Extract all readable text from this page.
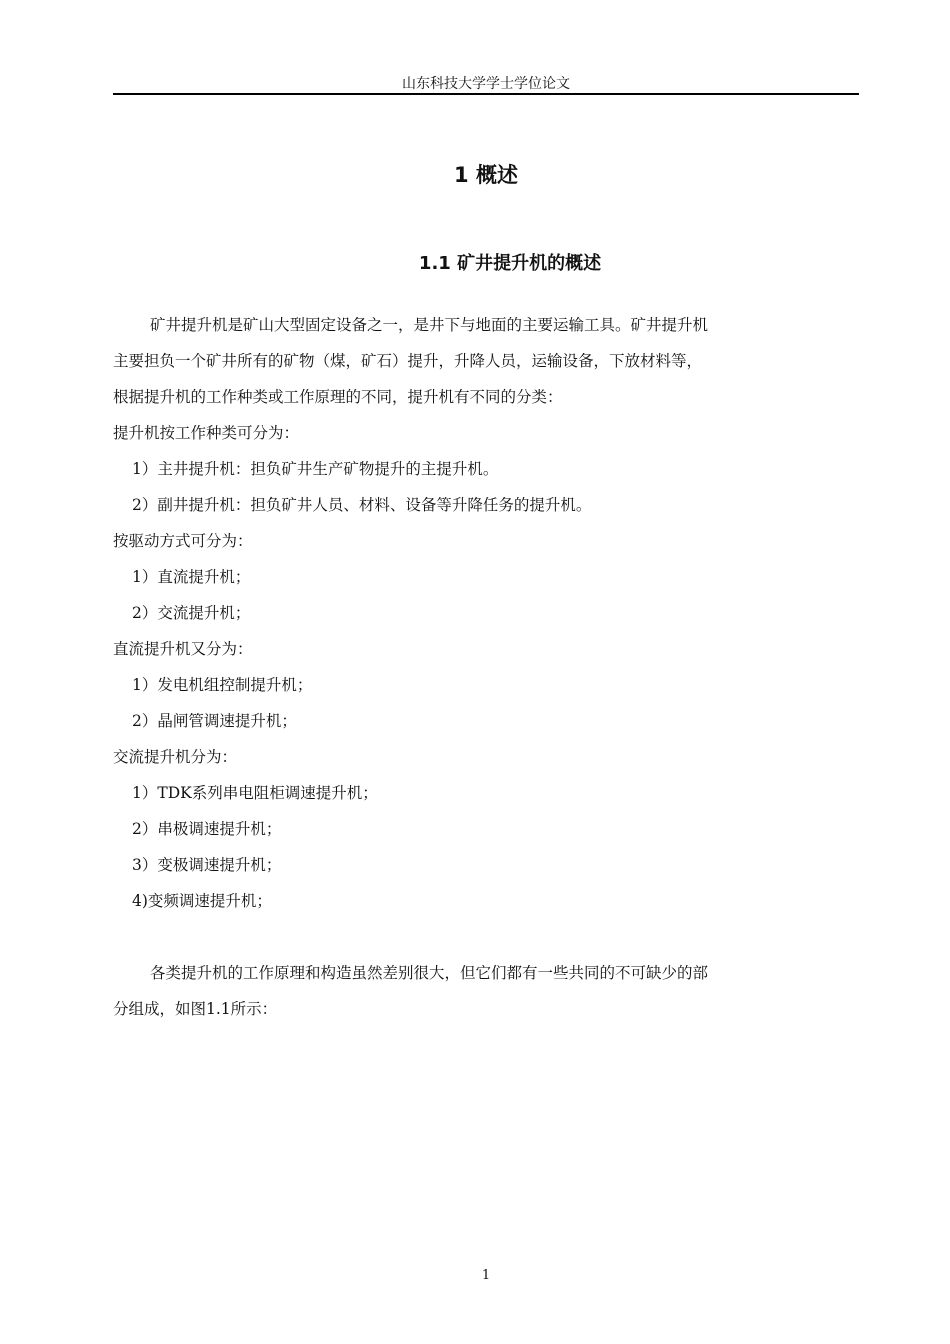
山东科技大学学士学位论文
1 概述
1.1 矿井提升机的概述
矿井提升机是矿山大型固定设备之一，是井下与地面的主要运输工具。矿井提升机
主要担负一个矿井所有的矿物（煤，矿石）提升，升降人员，运输设备，下放材料等，
根据提升机的工作种类或工作原理的不同，提升机有不同的分类：
提升机按工作种类可分为：
1）主井提升机：担负矿井生产矿物提升的主提升机。
2）副井提升机：担负矿井人员、材料、设备等升降任务的提升机。
按驱动方式可分为：
1）直流提升机；
2）交流提升机；
直流提升机又分为：
1）发电机组控制提升机；
2）晶闸管调速提升机；
交流提升机分为：
1）TDK系列串电阻柜调速提升机；
2）串极调速提升机；
3）变极调速提升机；
4)变频调速提升机；
各类提升机的工作原理和构造虽然差别很大，但它们都有一些共同的不可缺少的部
分组成，如图1.1所示：
1
